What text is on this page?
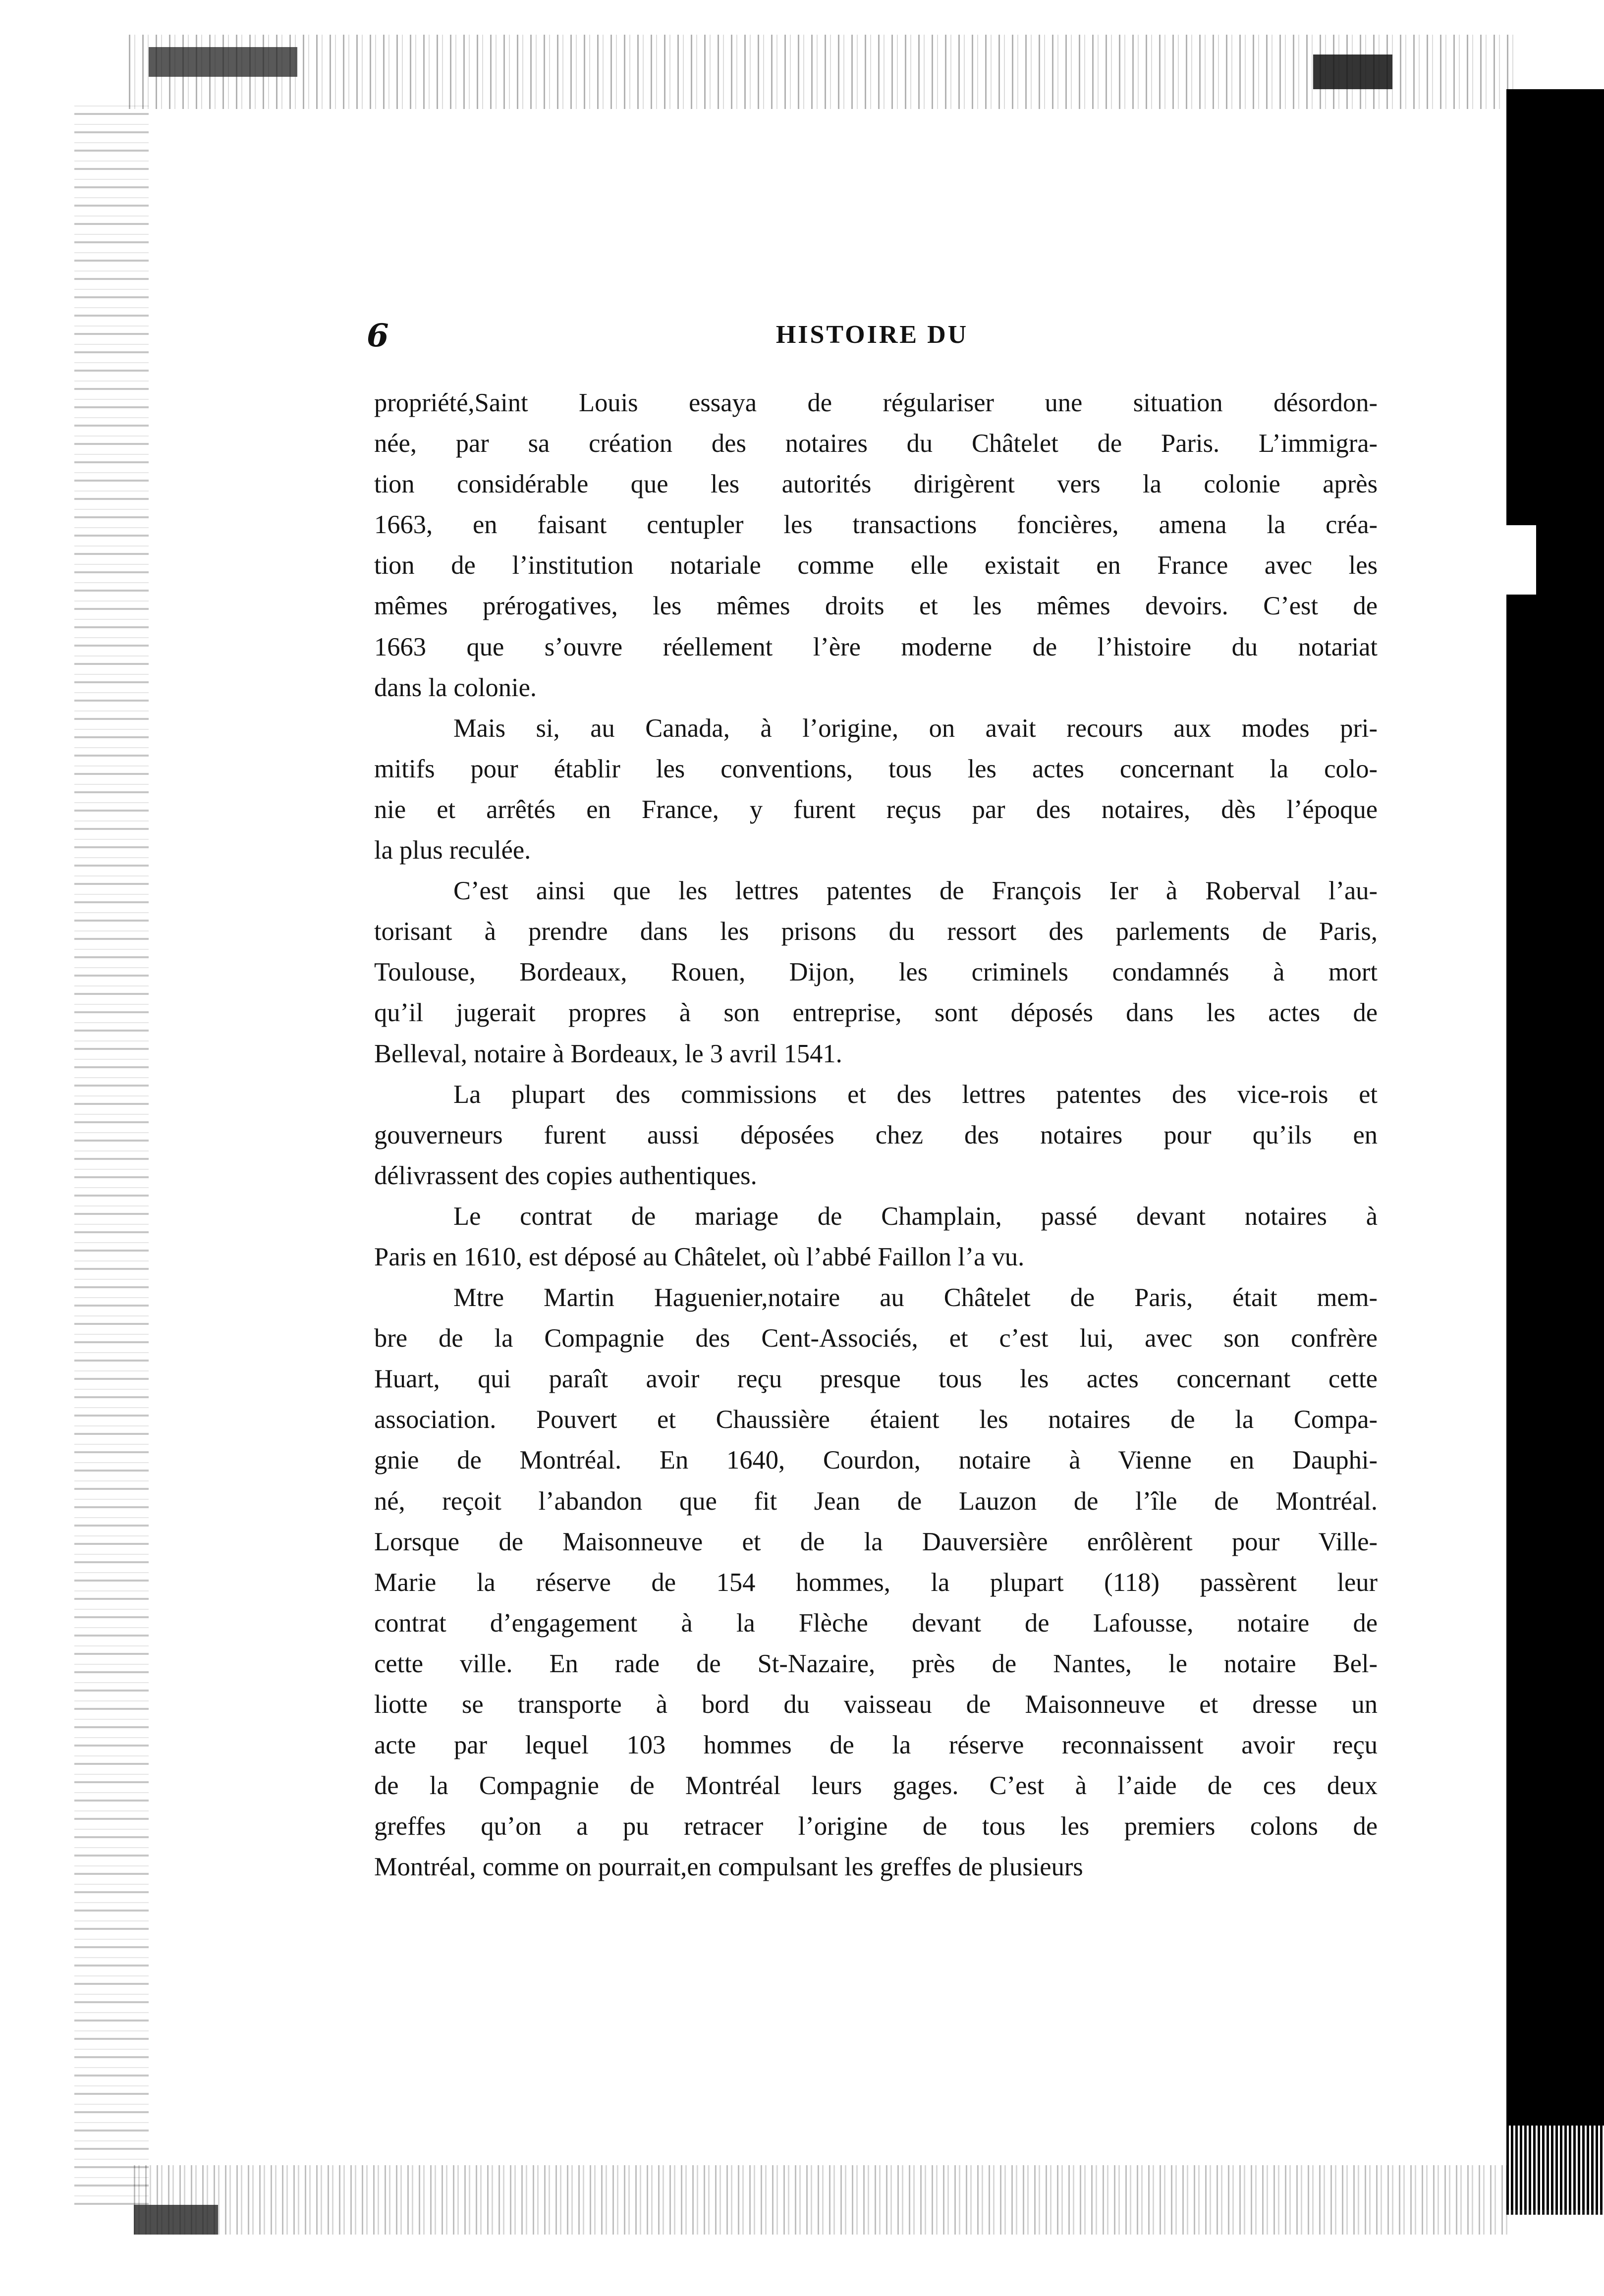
6	HISTOIRE DU
propriété,Saint Louis essaya de régulariser une situation désordon-
née, par sa création des notaires du Châtelet de Paris. L’immigra-
tion considérable que les autorités dirigèrent vers la colonie après
1663, en faisant centupler les transactions foncières, amena la créa-
tion de l’institution notariale comme elle existait en France avec les
mêmes prérogatives, les mêmes droits et les mêmes devoirs. C’est de
1663 que s’ouvre réellement l’ère moderne de l’histoire du notariat
dans la colonie.
Mais si, au Canada, à l’origine, on avait recours aux modes pri-
mitifs pour établir les conventions, tous les actes concernant la colo-
nie et arrêtés en France, y furent reçus par des notaires, dès l’époque
la plus reculée.
C’est ainsi que les lettres patentes de François Ier à Roberval l’au-
torisant à prendre dans les prisons du ressort des parlements de Paris,
Toulouse, Bordeaux, Rouen, Dijon, les criminels condamnés à mort
qu’il jugerait propres à son entreprise, sont déposés dans les actes de
Belleval, notaire à Bordeaux, le 3 avril 1541.
La plupart des commissions et des lettres patentes des vice-rois et
gouverneurs furent aussi déposées chez des notaires pour qu’ils en
délivrassent des copies authentiques.
Le contrat de mariage de Champlain, passé devant notaires à
Paris en 1610, est déposé au Châtelet, où l’abbé Faillon l’a vu.
Mtre Martin Haguenier,notaire au Châtelet de Paris, était mem-
bre de la Compagnie des Cent-Associés, et c’est lui, avec son confrère
Huart, qui paraît avoir reçu presque tous les actes concernant cette
association. Pouvert et Chaussière étaient les notaires de la Compa-
gnie de Montréal. En 1640, Courdon, notaire à Vienne en Dauphi-
né, reçoit l’abandon que fit Jean de Lauzon de l’île de Montréal.
Lorsque de Maisonneuve et de la Dauversière enrôlèrent pour Ville-
Marie la réserve de 154 hommes, la plupart (118) passèrent leur
contrat d’engagement à la Flèche devant de Lafousse, notaire de
cette ville. En rade de St-Nazaire, près de Nantes, le notaire Bel-
liotte se transporte à bord du vaisseau de Maisonneuve et dresse un
acte par lequel 103 hommes de la réserve reconnaissent avoir reçu
de la Compagnie de Montréal leurs gages. C’est à l’aide de ces deux
greffes qu’on a pu retracer l’origine de tous les premiers colons de
Montréal, comme on pourrait,en compulsant les greffes de plusieurs
